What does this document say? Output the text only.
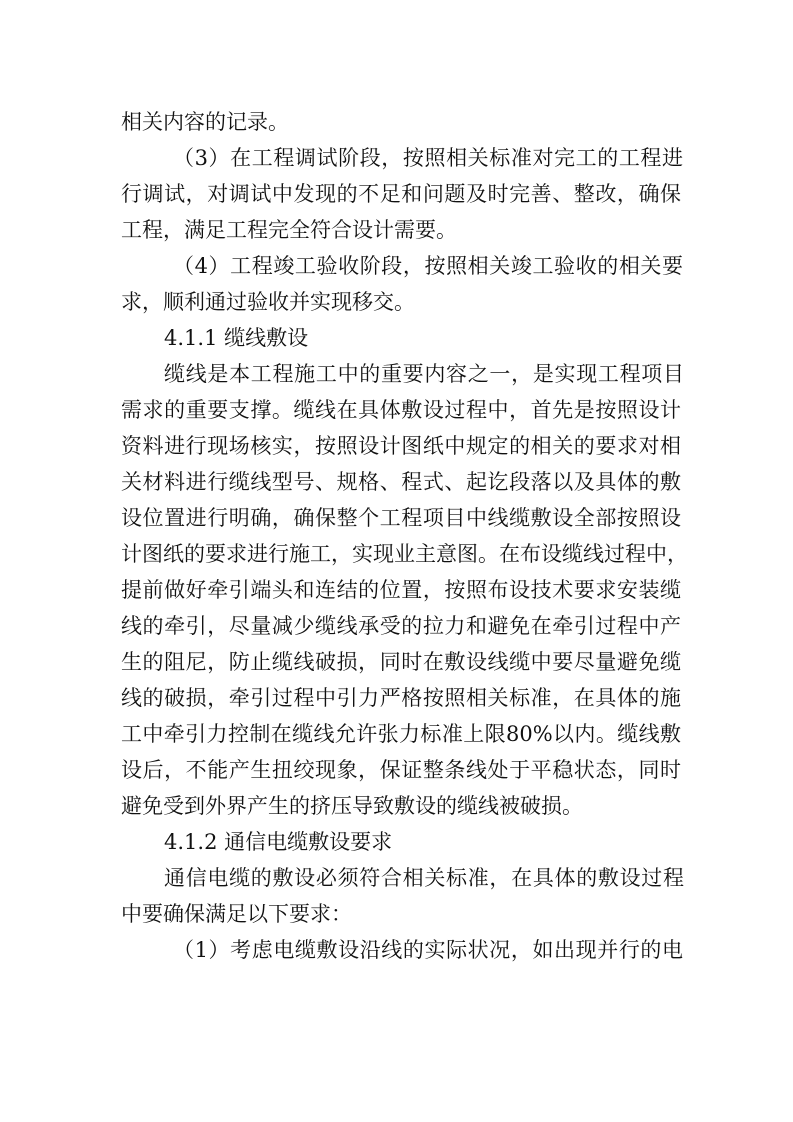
相关内容的记录。
（3）在工程调试阶段，按照相关标准对完工的工程进
行调试，对调试中发现的不足和问题及时完善、整改，确保
工程，满足工程完全符合设计需要。
（4）工程竣工验收阶段，按照相关竣工验收的相关要
求，顺利通过验收并实现移交。
4.1.1 缆线敷设
缆线是本工程施工中的重要内容之一，是实现工程项目
需求的重要支撑。缆线在具体敷设过程中，首先是按照设计
资料进行现场核实，按照设计图纸中规定的相关的要求对相
关材料进行缆线型号、规格、程式、起讫段落以及具体的敷
设位置进行明确，确保整个工程项目中线缆敷设全部按照设
计图纸的要求进行施工，实现业主意图。在布设缆线过程中，
提前做好牵引端头和连结的位置，按照布设技术要求安装缆
线的牵引，尽量减少缆线承受的拉力和避免在牵引过程中产
生的阻尼，防止缆线破损，同时在敷设线缆中要尽量避免缆
线的破损，牵引过程中引力严格按照相关标准，在具体的施
工中牵引力控制在缆线允许张力标准上限80%以内。缆线敷
设后，不能产生扭绞现象，保证整条线处于平稳状态，同时
避免受到外界产生的挤压导致敷设的缆线被破损。
4.1.2 通信电缆敷设要求
通信电缆的敷设必须符合相关标准，在具体的敷设过程
中要确保满足以下要求：
（1）考虑电缆敷设沿线的实际状况，如出现并行的电
